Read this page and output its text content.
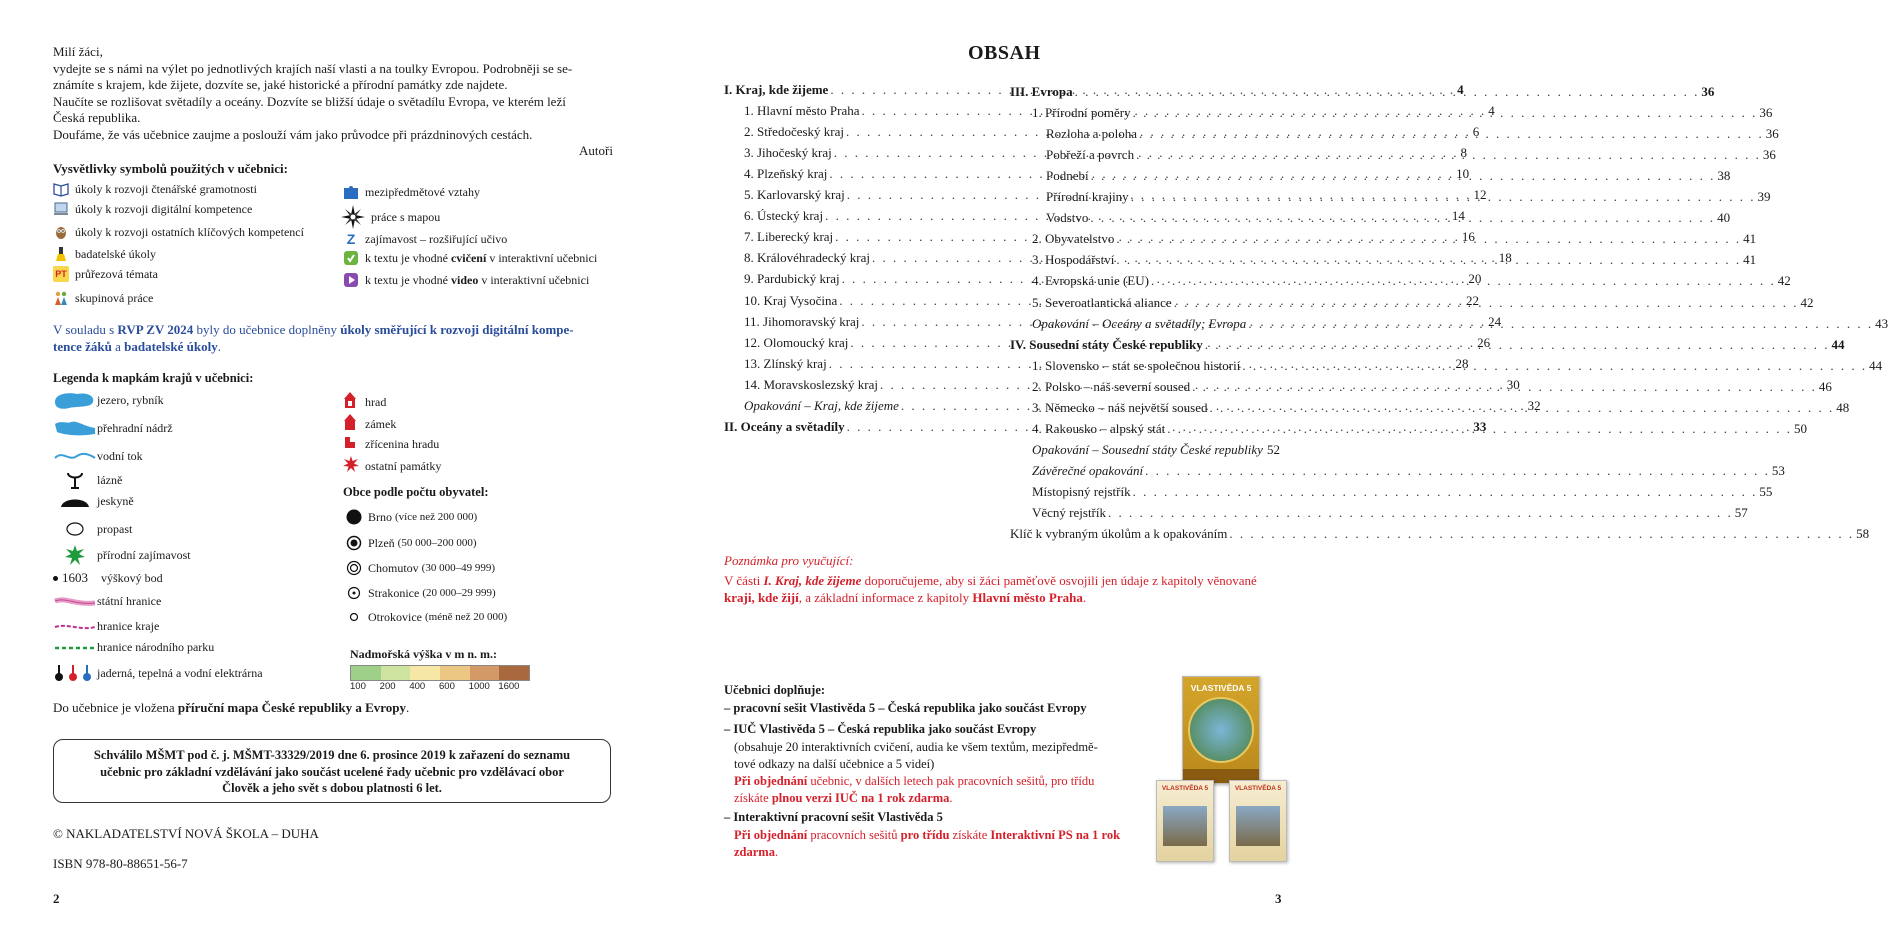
Milí žáci,
vydejte se s námi na výlet po jednotlivých krajích naší vlasti a na toulky Evropou. Podrobněji se se-
známíte s krajem, kde žijete, dozvíte se, jaké historické a přírodní památky zde najdete.
Naučíte se rozlišovat světadíly a oceány. Dozvíte se bližší údaje o světadílu Evropa, ve kterém leží
Česká republika.
Doufáme, že vás učebnice zaujme a poslouží vám jako průvodce při prázdninových cestách.
Autoři
Vysvětlivky symbolů použitých v učebnici:
úkoly k rozvoji čtenářské gramotnosti
úkoly k rozvoji digitální kompetence
úkoly k rozvoji ostatních klíčových kompetencí
badatelské úkoly
PT průřezová témata
skupinová práce
mezipředmětové vztahy
práce s mapou
Z zajímavost – rozšiřující učivo
k textu je vhodné cvičení v interaktivní učebnici
k textu je vhodné video v interaktivní učebnici
V souladu s RVP ZV 2024 byly do učebnice doplněny úkoly směřující k rozvoji digitální kompe-
tence žáků a badatelské úkoly.
Legenda k mapkám krajů v učebnici:
jezero, rybník
přehradní nádrž
vodní tok
lázně
jeskyně
propast
přírodní zajímavost
1603 výškový bod
státní hranice
hranice kraje
hranice národního parku
jaderná, tepelná a vodní elektrárna
hrad
zámek
zřícenina hradu
ostatní památky
Obce podle počtu obyvatel:
Brno (více než 200 000)
Plzeň (50 000–200 000)
Chomutov (30 000–49 999)
Strakonice (20 000–29 999)
Otrokovice (méně než 20 000)
Nadmořská výška v m n. m.:
100 200 400 600 1000 1600
Do učebnice je vložena příruční mapa České republiky a Evropy.
Schválilo MŠMT pod č. j. MŠMT-33329/2019 dne 6. prosince 2019 k zařazení do seznamu
učebnic pro základní vzdělávání jako součást ucelené řady učebnic pro vzdělávací obor
Člověk a jeho svět s dobou platnosti 6 let.
© NAKLADATELSTVÍ NOVÁ ŠKOLA – DUHA
ISBN 978-80-88651-56-7
2
OBSAH
I. Kraj, kde žijeme . . .	4
1. Hlavní město Praha . . .	4
2. Středočeský kraj . . .	6
3. Jihočeský kraj . . .	8
4. Plzeňský kraj . . .	10
5. Karlovarský kraj . . .	12
6. Ústecký kraj . . .	14
7. Liberecký kraj . . .	16
8. Královéhradecký kraj . . .	18
9. Pardubický kraj . . .	20
10. Kraj Vysočina . . .	22
11. Jihomoravský kraj . . .	24
12. Olomoucký kraj . . .	26
13. Zlínský kraj . . .	28
14. Moravskoslezský kraj . . .	30
Opakování – Kraj, kde žijeme . . .	32
II. Oceány a světadíly . . .	33
III. Evropa . . .	36
1. Přírodní poměry . . .	36
Rozloha a poloha . . .	36
Pobřeží a povrch . . .	36
Podnebí . . .	38
Přírodní krajiny . . .	39
Vodstvo . . .	40
2. Obyvatelstvo . . .	41
3. Hospodářství . . .	41
4. Evropská unie (EU) . . .	42
5. Severoatlantická aliance . . .	42
Opakování – Oceány a světadíly; Evropa . . .	43
IV. Sousední státy České republiky . . .	44
1. Slovensko – stát se společnou historií . . .	44
2. Polsko – náš severní soused . . .	46
3. Německo – náš největší soused . . .	48
4. Rakousko – alpský stát . . .	50
Opakování – Sousední státy České republiky 52
Závěrečné opakování . . .	53
Místopisný rejstřík . . .	55
Věcný rejstřík . . .	57
Klíč k vybraným úkolům a k opakováním . . .	58
Poznámka pro vyučující:
V části I. Kraj, kde žijeme doporučujeme, aby si žáci paměťově osvojili jen údaje z kapitoly věnované
kraji, kde žijí, a základní informace z kapitoly Hlavní město Praha.
Učebnici doplňuje:
– pracovní sešit Vlastivěda 5 – Česká republika jako součást Evropy
– IUČ Vlastivěda 5 – Česká republika jako součást Evropy
(obsahuje 20 interaktivních cvičení, audia ke všem textům, mezipředmě-
tové odkazy na další učebnice a 5 videí)
Při objednání učebnic, v dalších letech pak pracovních sešitů, pro třídu
získáte plnou verzi IUČ na 1 rok zdarma.
– Interaktivní pracovní sešit Vlastivěda 5
Při objednání pracovních sešitů pro třídu získáte Interaktivní PS na 1 rok
zdarma.
VLASTIVĚDA 5
VLASTIVĚDA 5	VLASTIVĚDA 5
3
